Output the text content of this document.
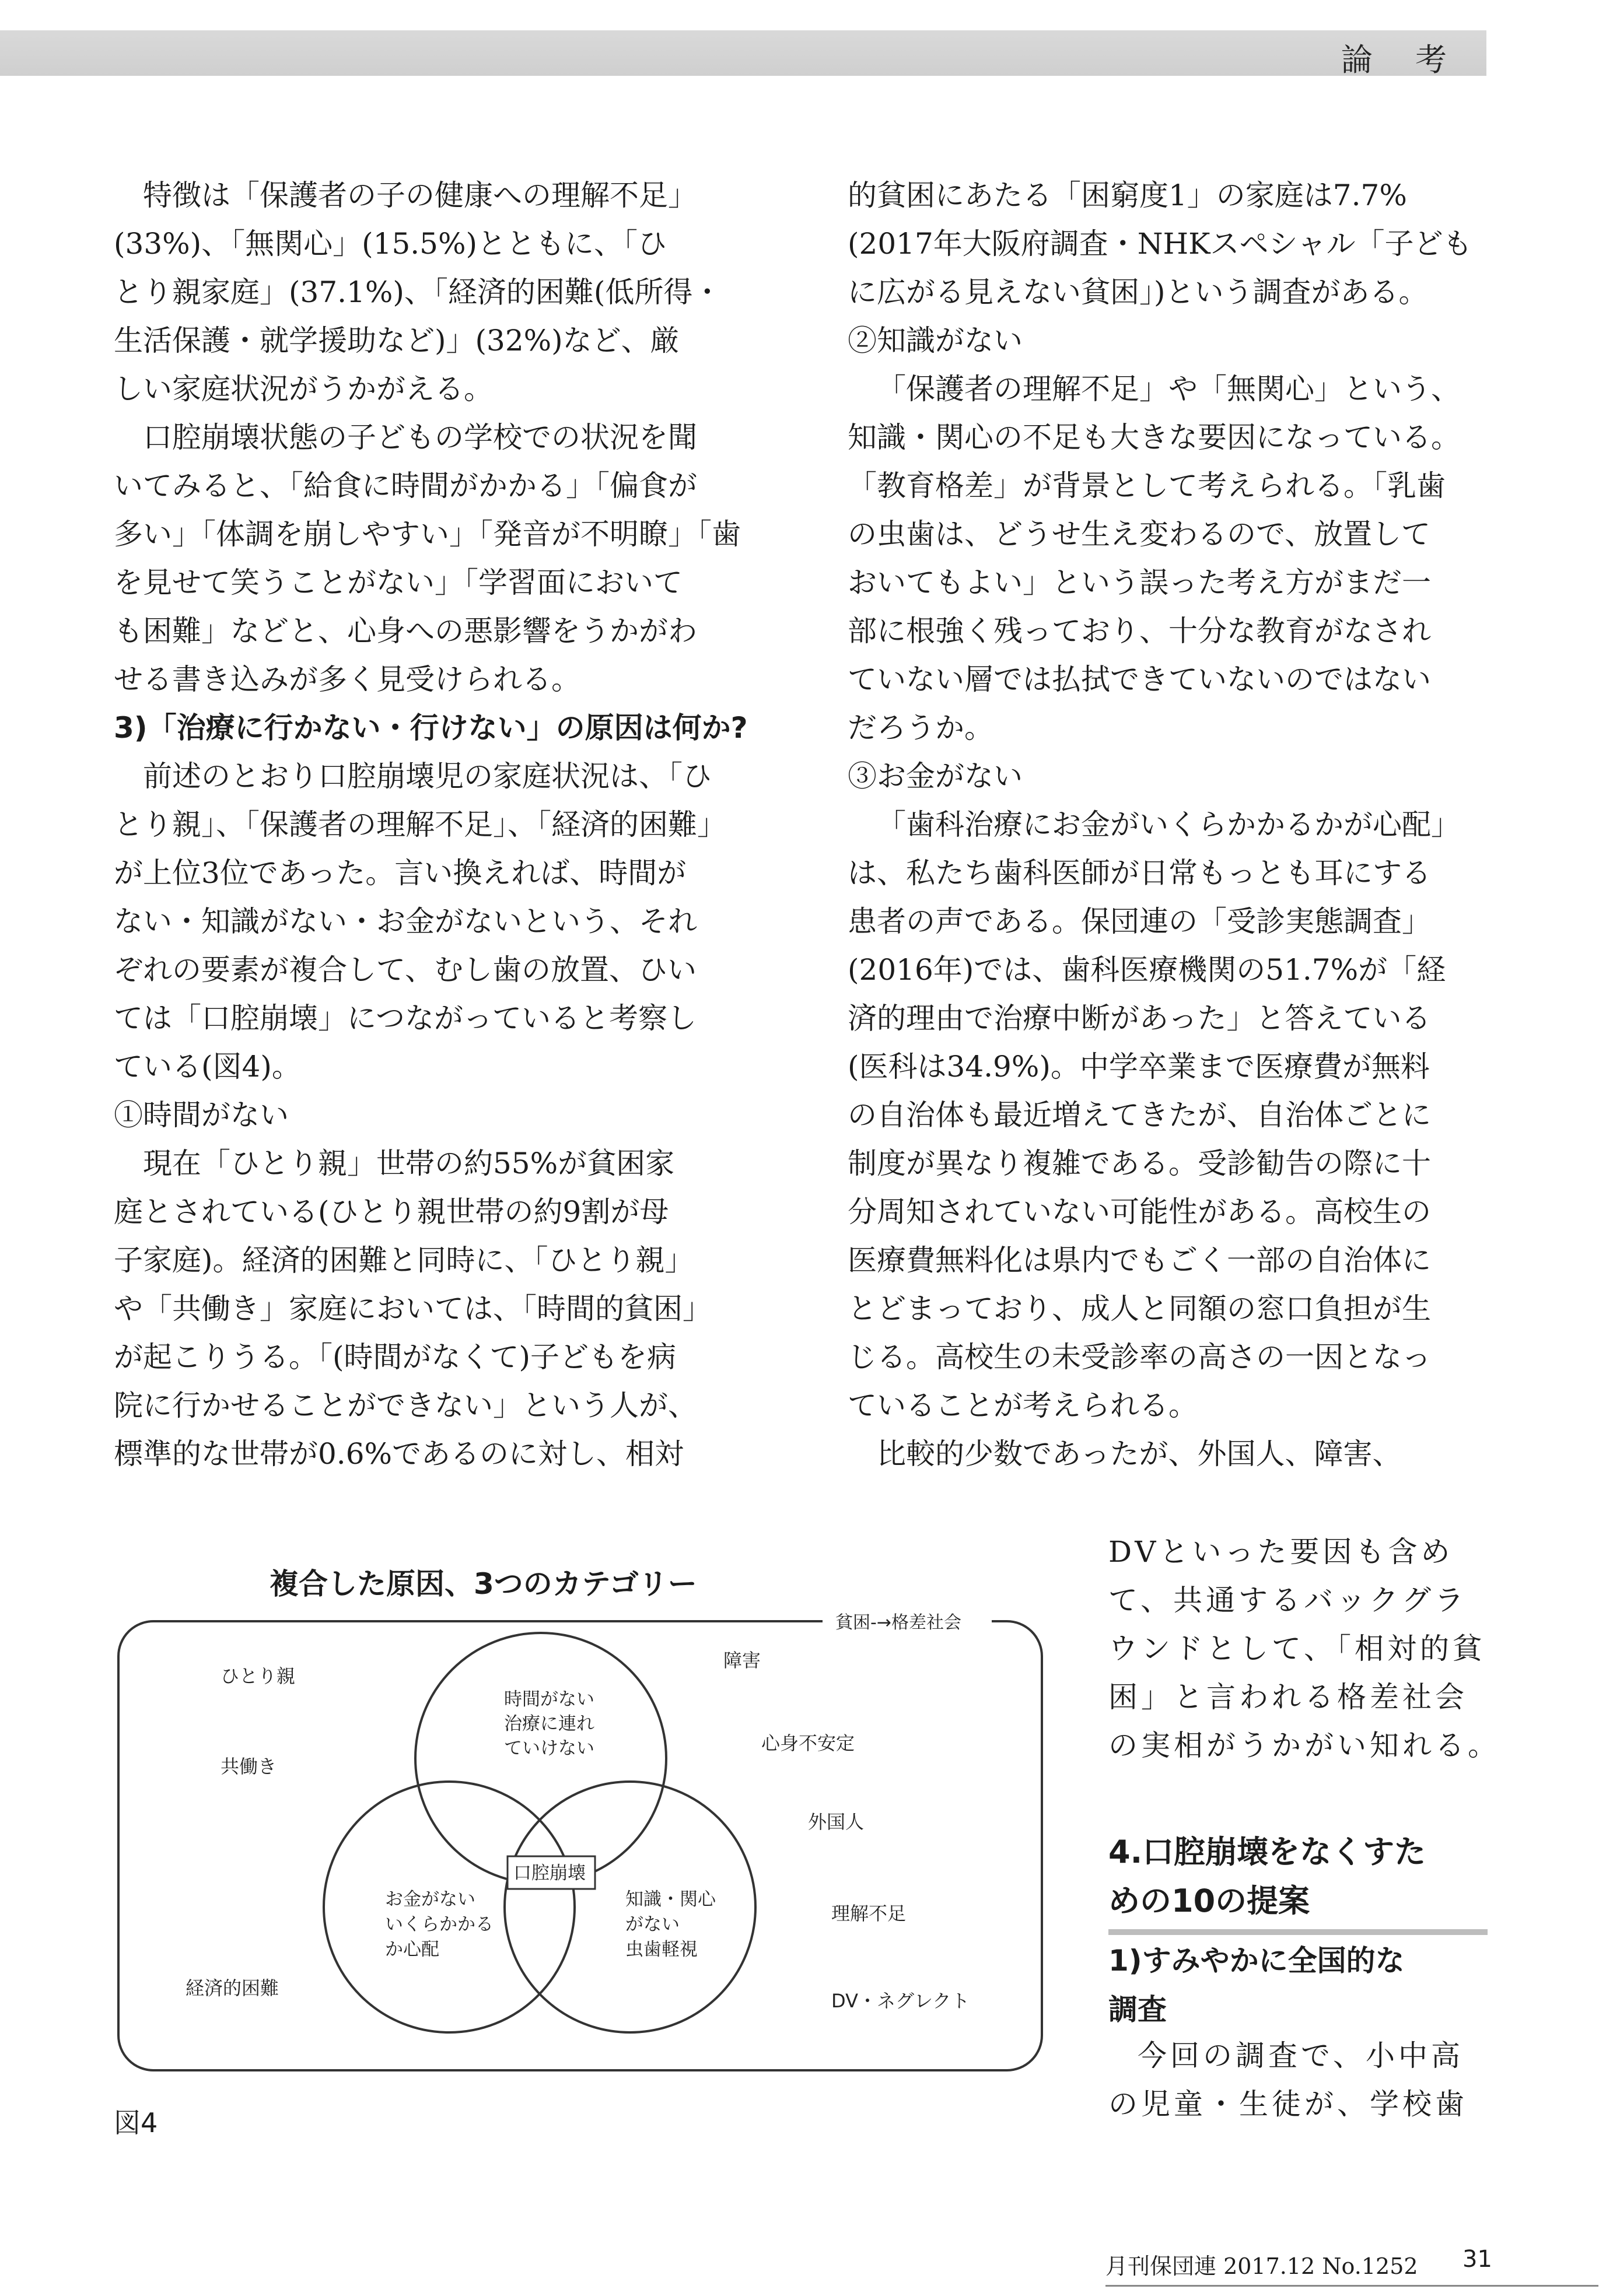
論 考
特徴は「保護者の子の健康への理解不足」
(33%)、「無関心」(15.5%)とともに、「ひ
とり親家庭」(37.1%)、「経済的困難(低所得・
生活保護・就学援助など)」(32%)など、厳
しい家庭状況がうかがえる。
口腔崩壊状態の子どもの学校での状況を聞
いてみると、「給食に時間がかかる」「偏食が
多い」「体調を崩しやすい」「発音が不明瞭」「歯
を見せて笑うことがない」「学習面において
も困難」などと、心身への悪影響をうかがわ
せる書き込みが多く見受けられる。
3)「治療に行かない・行けない」の原因は何か?
前述のとおり口腔崩壊児の家庭状況は、「ひ
とり親」、「保護者の理解不足」、「経済的困難」
が上位3位であった。言い換えれば、時間が
ない・知識がない・お金がないという、それ
ぞれの要素が複合して、むし歯の放置、ひい
ては「口腔崩壊」につながっていると考察し
ている(図4)。
①時間がない
現在「ひとり親」世帯の約55%が貧困家
庭とされている(ひとり親世帯の約9割が母
子家庭)。経済的困難と同時に、「ひとり親」
や「共働き」家庭においては、「時間的貧困」
が起こりうる。「(時間がなくて)子どもを病
院に行かせることができない」という人が、
標準的な世帯が0.6%であるのに対し、相対
的貧困にあたる「困窮度1」の家庭は7.7%
(2017年大阪府調査・NHKスペシャル「子ども
に広がる見えない貧困」)という調査がある。
②知識がない
「保護者の理解不足」や「無関心」という、
知識・関心の不足も大きな要因になっている。
「教育格差」が背景として考えられる。「乳歯
の虫歯は、どうせ生え変わるので、放置して
おいてもよい」という誤った考え方がまだ一
部に根強く残っており、十分な教育がなされ
ていない層では払拭できていないのではない
だろうか。
③お金がない
「歯科治療にお金がいくらかかるかが心配」
は、私たち歯科医師が日常もっとも耳にする
患者の声である。保団連の「受診実態調査」
(2016年)では、歯科医療機関の51.7%が「経
済的理由で治療中断があった」と答えている
(医科は34.9%)。中学卒業まで医療費が無料
の自治体も最近増えてきたが、自治体ごとに
制度が異なり複雑である。受診勧告の際に十
分周知されていない可能性がある。高校生の
医療費無料化は県内でもごく一部の自治体に
とどまっており、成人と同額の窓口負担が生
じる。高校生の未受診率の高さの一因となっ
ていることが考えられる。
比較的少数であったが、外国人、障害、
DVといった要因も含め
て、共通するバックグラ
ウンドとして、「相対的貧
困」と言われる格差社会
の実相がうかがい知れる。
4.口腔崩壊をなくすた
めの10の提案
1)すみやかに全国的な
調査
今回の調査で、小中高
の児童・生徒が、学校歯
複合した原因、3つのカテゴリー
貧困-→格差社会
ひとり親
共働き
経済的困難
障害
心身不安定
外国人
理解不足
DV・ネグレクト
時間がない
治療に連れ
ていけない
お金がない
いくらかかる
か心配
知識・関心
がない
虫歯軽視
口腔崩壊
図4
月刊保団連 2017.12 No.1252 31
